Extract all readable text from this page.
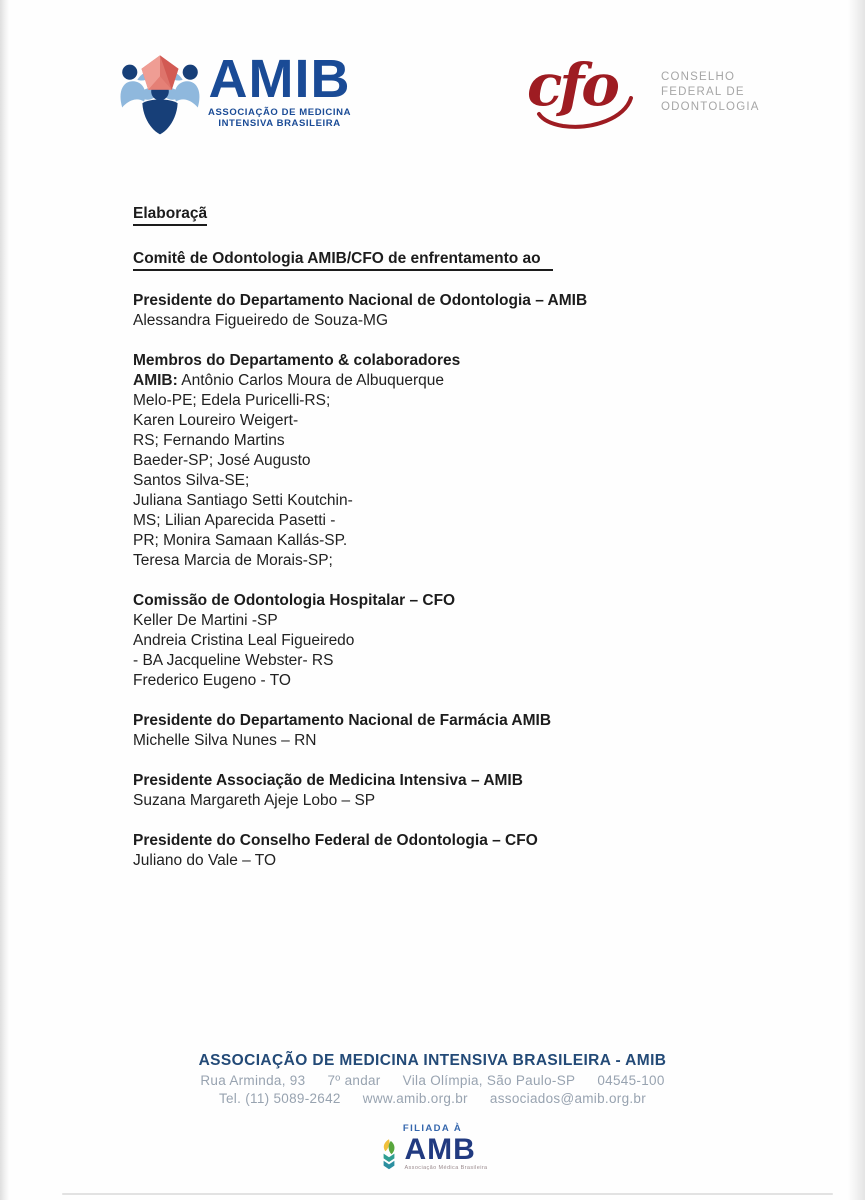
AMIB
ASSOCIAÇÃO DE MEDICINA
INTENSIVA BRASILEIRA
cfo	CONSELHO
FEDERAL DE
ODONTOLOGIA
Elaboraçã
Comitê de Odontologia AMIB/CFO de enfrentamento ao
Presidente do Departamento Nacional de Odontologia – AMIB

Alessandra Figueiredo de Souza-MG

Membros do Departamento & colaboradores

AMIB: Antônio Carlos Moura de Albuquerque

Melo-PE; Edela Puricelli-RS;

Karen Loureiro Weigert-

RS; Fernando Martins

Baeder-SP; José Augusto

Santos Silva-SE;

Juliana Santiago Setti Koutchin-

MS; Lilian Aparecida Pasetti -

PR; Monira Samaan Kallás-SP.

Teresa Marcia de Morais-SP;

Comissão de Odontologia Hospitalar – CFO

Keller De Martini -SP

Andreia Cristina Leal Figueiredo

- BA Jacqueline Webster- RS

Frederico Eugeno - TO

Presidente do Departamento Nacional de Farmácia AMIB

Michelle Silva Nunes – RN

Presidente Associação de Medicina Intensiva – AMIB

Suzana Margareth Ajeje Lobo – SP

Presidente do Conselho Federal de Odontologia – CFO

Juliano do Vale – TO

ASSOCIAÇÃO DE MEDICINA INTENSIVA BRASILEIRA - AMIB
Rua Arminda, 93 7º andar Vila Olímpia, São Paulo-SP 04545-100
Tel. (11) 5089-2642 www.amib.org.br associados@amib.org.br
FILIADA À
AMB
Associação Médica Brasileira
